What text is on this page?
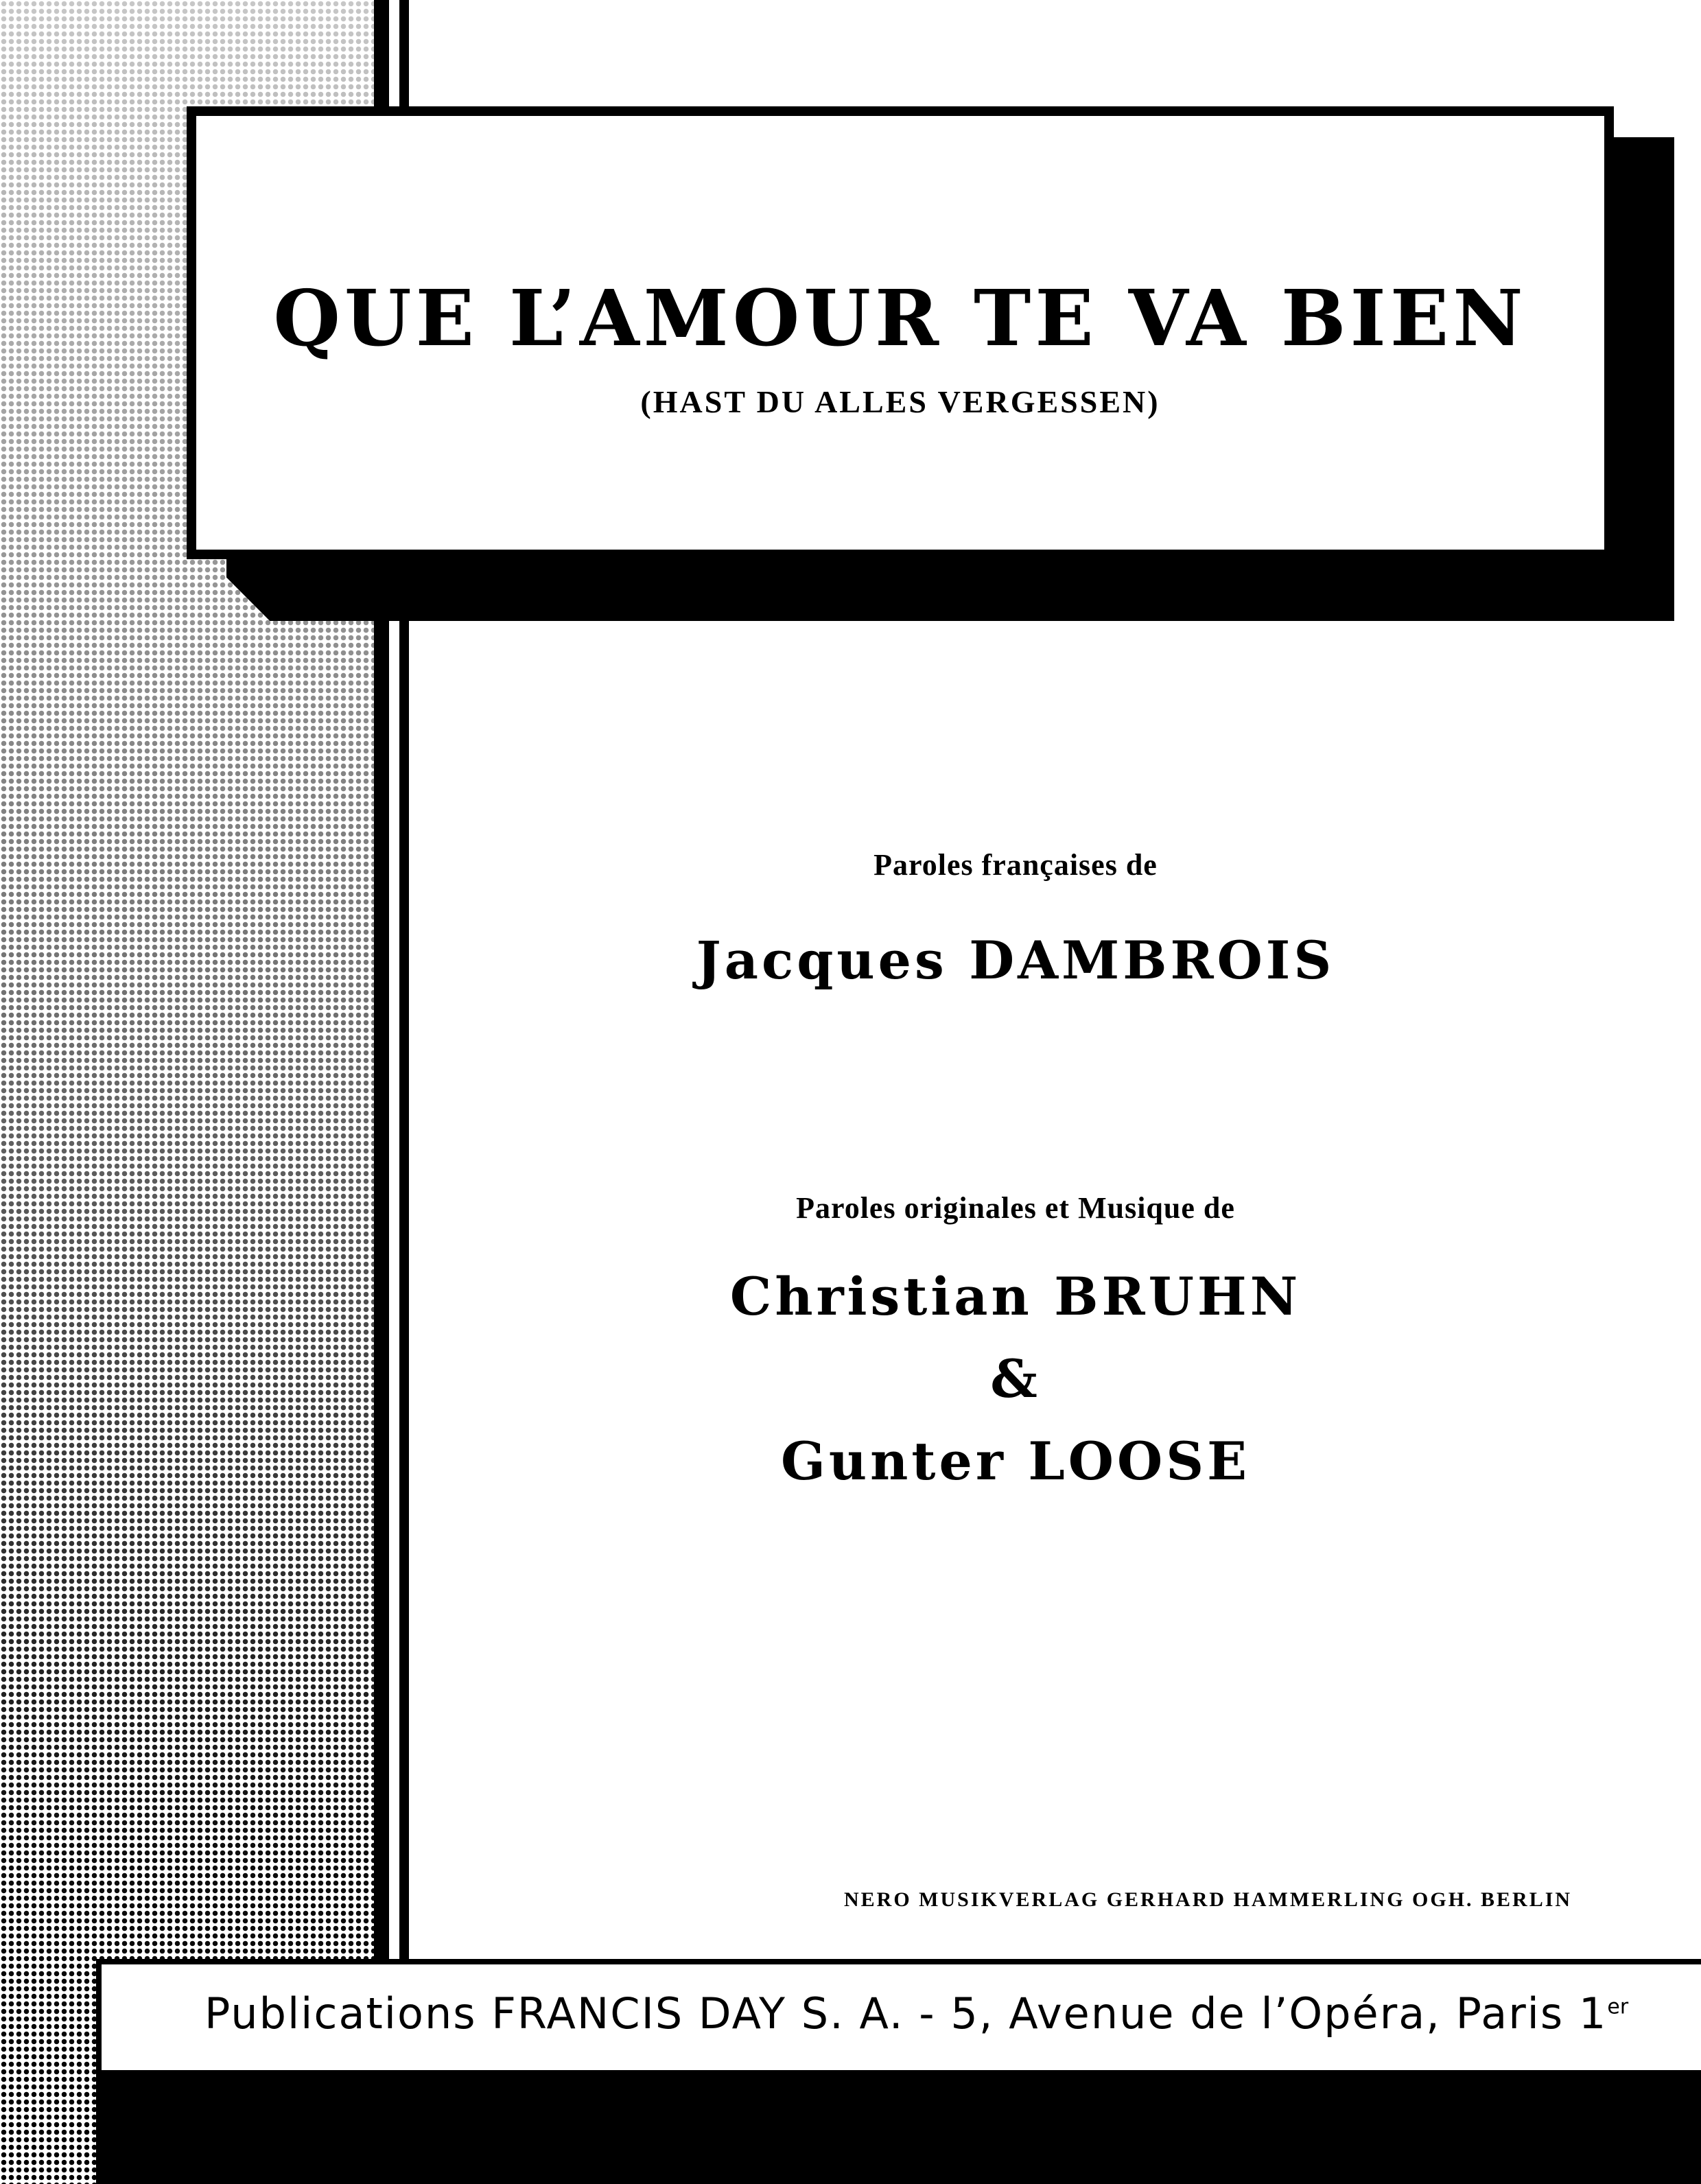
QUE L’AMOUR TE VA BIEN

(HAST DU ALLES VERGESSEN)

Paroles françaises de

Jacques DAMBROIS

Paroles originales et Musique de

Christian BRUHN

&

Gunter LOOSE

NERO MUSIKVERLAG GERHARD HAMMERLING OGH. BERLIN

Publications FRANCIS DAY S. A. - 5, Avenue de l’Opéra, Paris 1er
